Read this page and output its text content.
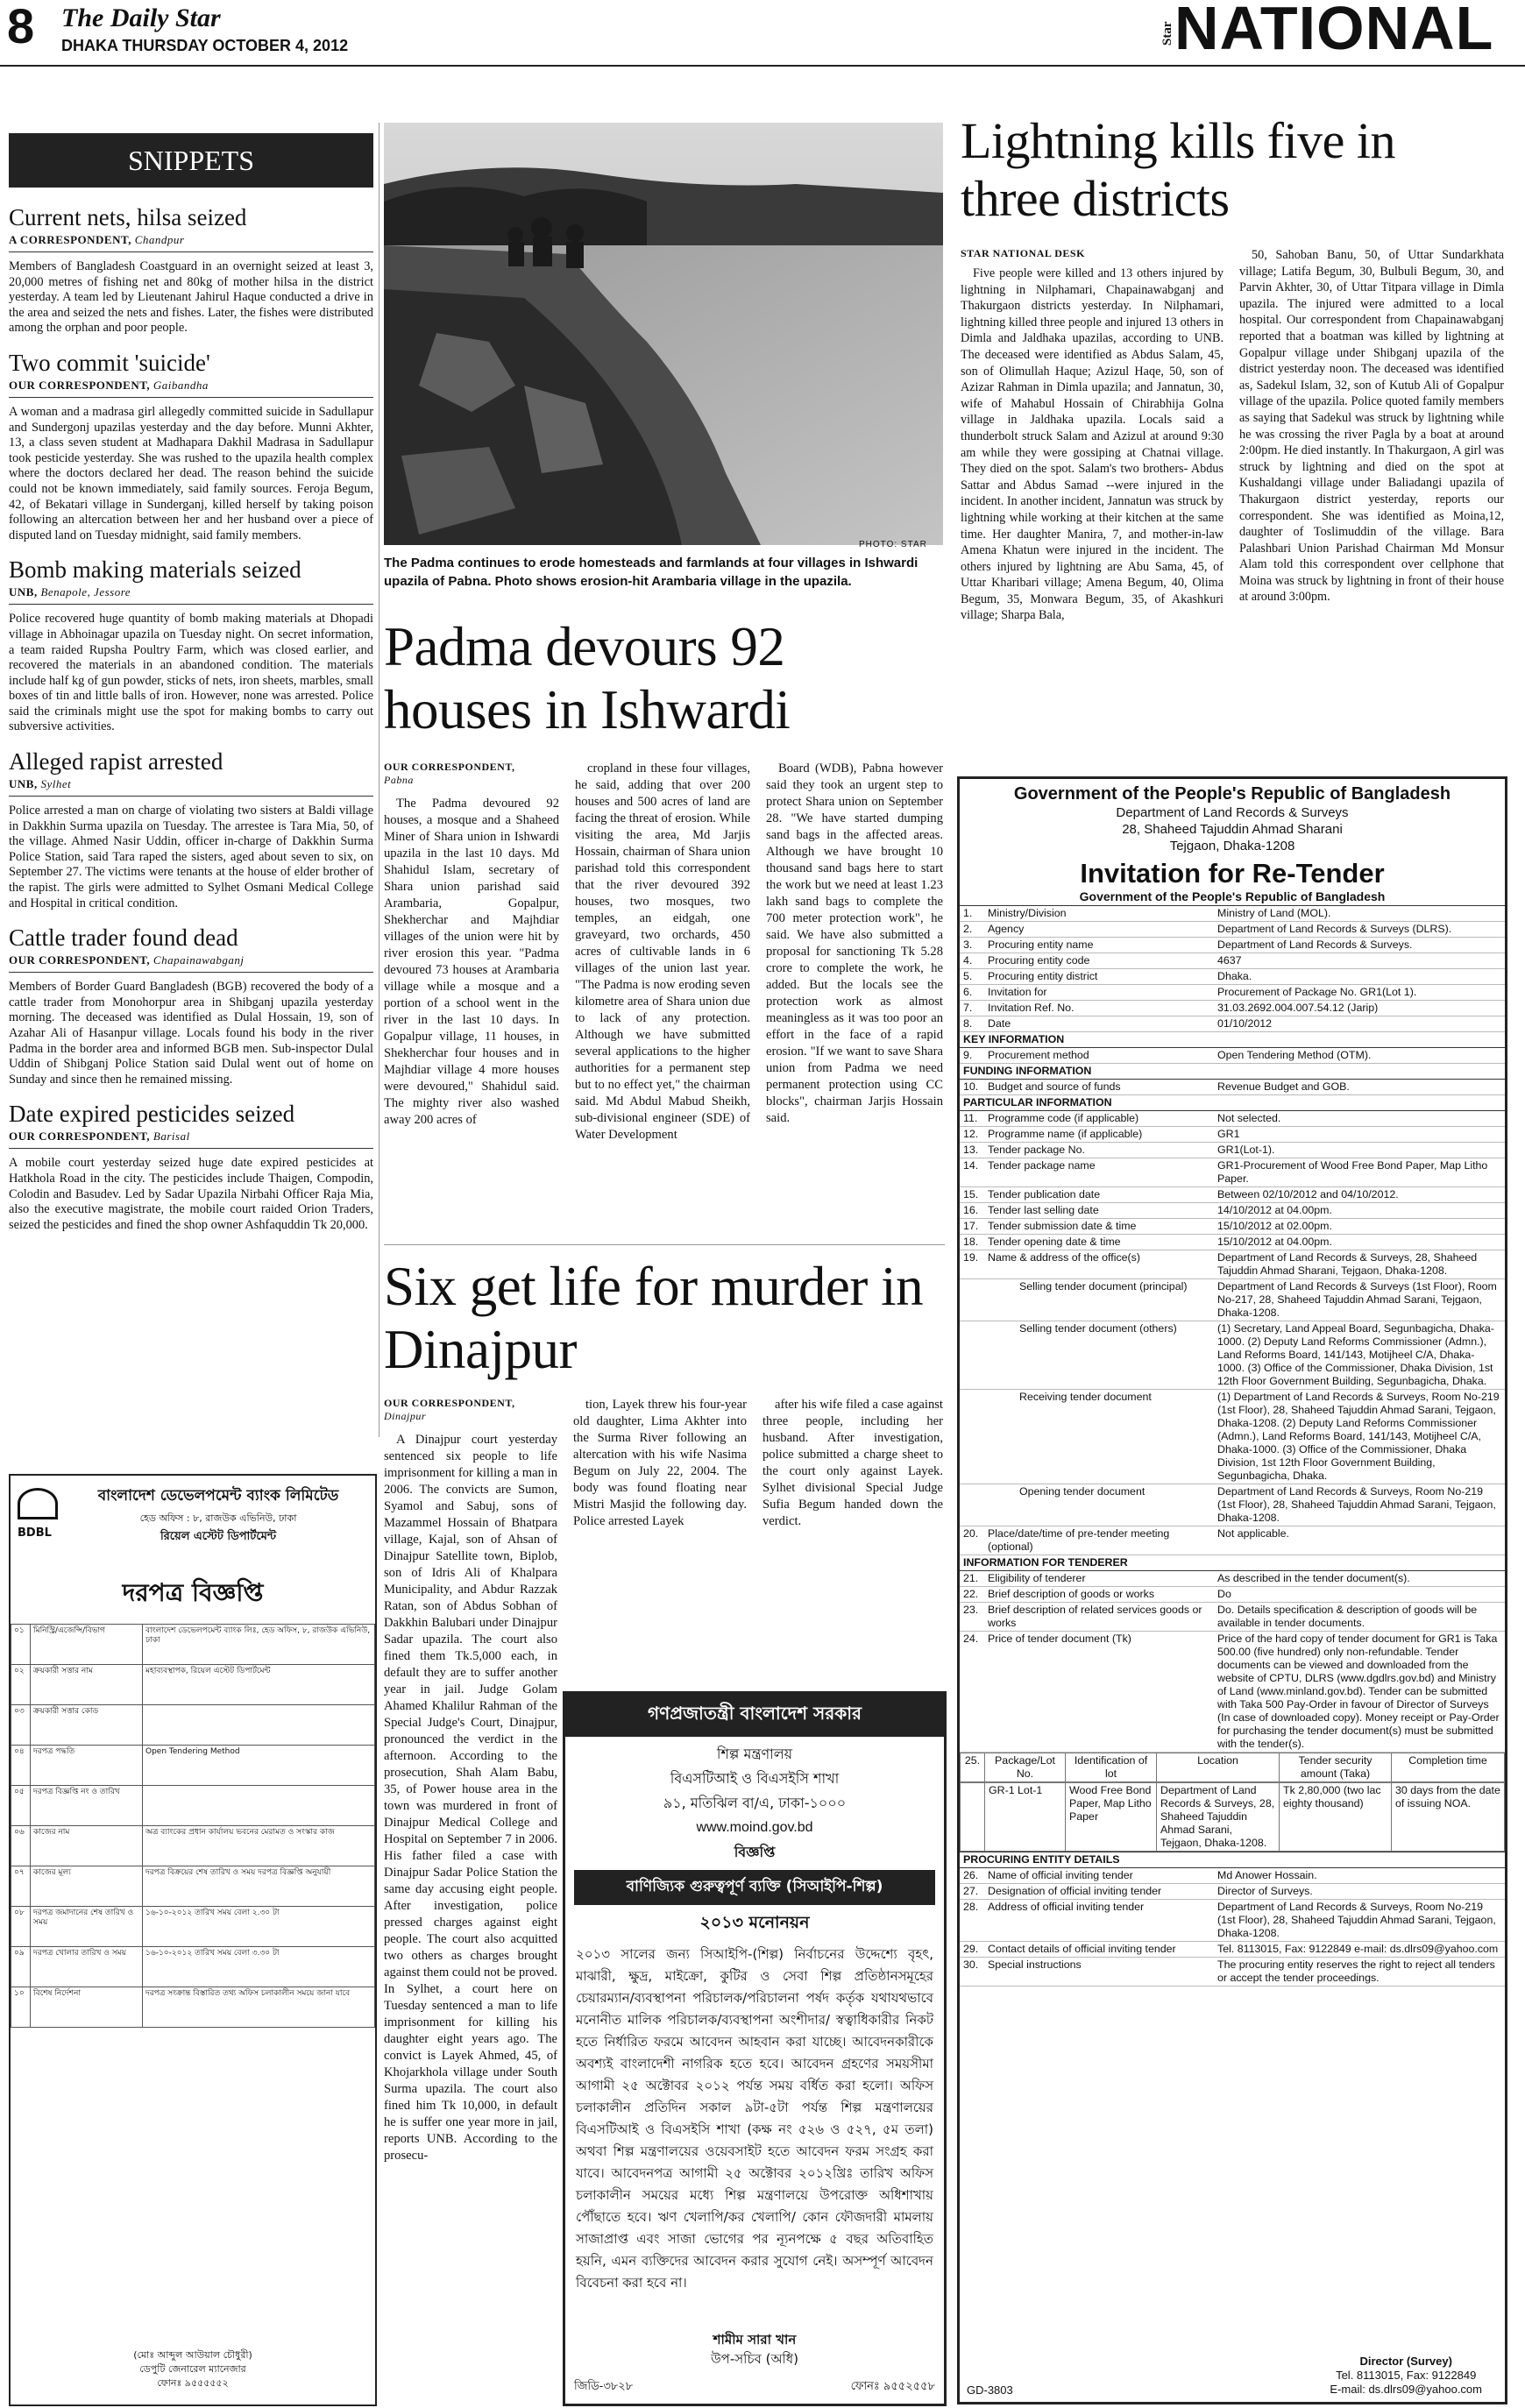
8 The Daily Star
DHAKA THURSDAY OCTOBER 4, 2012	Star NATIONAL
SNIPPETS
Current nets, hilsa seized
A CORRESPONDENT, Chandpur

Members of Bangladesh Coastguard in an overnight seized at least 3, 20,000 metres of fishing net and 80kg of mother hilsa in the district yesterday. A team led by Lieutenant Jahirul Haque conducted a drive in the area and seized the nets and fishes. Later, the fishes were distributed among the orphan and poor people.

Two commit 'suicide'
OUR CORRESPONDENT, Gaibandha

A woman and a madrasa girl allegedly committed suicide in Sadullapur and Sundergonj upazilas yesterday and the day before. Munni Akhter, 13, a class seven student at Madhapara Dakhil Madrasa in Sadullapur took pesticide yesterday. She was rushed to the upazila health complex where the doctors declared her dead. The reason behind the suicide could not be known immediately, said family sources. Feroja Begum, 42, of Bekatari village in Sunderganj, killed herself by taking poison following an altercation between her and her husband over a piece of disputed land on Tuesday midnight, said family members.

Bomb making materials seized
UNB, Benapole, Jessore

Police recovered huge quantity of bomb making materials at Dhopadi village in Abhoinagar upazila on Tuesday night. On secret information, a team raided Rupsha Poultry Farm, which was closed earlier, and recovered the materials in an abandoned condition. The materials include half kg of gun powder, sticks of nets, iron sheets, marbles, small boxes of tin and little balls of iron. However, none was arrested. Police said the criminals might use the spot for making bombs to carry out subversive activities.

Alleged rapist arrested
UNB, Sylhet

Police arrested a man on charge of violating two sisters at Baldi village in Dakkhin Surma upazila on Tuesday. The arrestee is Tara Mia, 50, of the village. Ahmed Nasir Uddin, officer in-charge of Dakkhin Surma Police Station, said Tara raped the sisters, aged about seven to six, on September 27. The victims were tenants at the house of elder brother of the rapist. The girls were admitted to Sylhet Osmani Medical College and Hospital in critical condition.

Cattle trader found dead
OUR CORRESPONDENT, Chapainawabganj

Members of Border Guard Bangladesh (BGB) recovered the body of a cattle trader from Monohorpur area in Shibganj upazila yesterday morning. The deceased was identified as Dulal Hossain, 19, son of Azahar Ali of Hasanpur village. Locals found his body in the river Padma in the border area and informed BGB men. Sub-inspector Dulal Uddin of Shibganj Police Station said Dulal went out of home on Sunday and since then he remained missing.

Date expired pesticides seized
OUR CORRESPONDENT, Barisal

A mobile court yesterday seized huge date expired pesticides at Hatkhola Road in the city. The pesticides include Thaigen, Compodin, Colodin and Basudev. Led by Sadar Upazila Nirbahi Officer Raja Mia, also the executive magistrate, the mobile court raided Orion Traders, seized the pesticides and fined the shop owner Ashfaquddin Tk 20,000.

PHOTO: STAR
The Padma continues to erode homesteads and farmlands at four villages in Ishwardi upazila of Pabna. Photo shows erosion-hit Arambaria village in the upazila.
Padma devours 92 houses in Ishwardi
OUR CORRESPONDENT,
Pabna

The Padma devoured 92 houses, a mosque and a Shaheed Miner of Shara union in Ishwardi upazila in the last 10 days. Md Shahidul Islam, secretary of Shara union parishad said Arambaria, Gopalpur, Shekherchar and Majhdiar villages of the union were hit by river erosion this year. "Padma devoured 73 houses at Arambaria village while a mosque and a portion of a school went in the river in the last 10 days. In Gopalpur village, 11 houses, in Shekherchar four houses and in Majhdiar village 4 more houses were devoured," Shahidul said. The mighty river also washed away 200 acres of

cropland in these four villages, he said, adding that over 200 houses and 500 acres of land are facing the threat of erosion. While visiting the area, Md Jarjis Hossain, chairman of Shara union parishad told this correspondent that the river devoured 392 houses, two mosques, two temples, an eidgah, one graveyard, two orchards, 450 acres of cultivable lands in 6 villages of the union last year. "The Padma is now eroding seven kilometre area of Shara union due to lack of any protection. Although we have submitted several applications to the higher authorities for a permanent step but to no effect yet," the chairman said. Md Abdul Mabud Sheikh, sub-divisional engineer (SDE) of Water Development

Board (WDB), Pabna however said they took an urgent step to protect Shara union on September 28. "We have started dumping sand bags in the affected areas. Although we have brought 10 thousand sand bags here to start the work but we need at least 1.23 lakh sand bags to complete the 700 meter protection work", he said. We have also submitted a proposal for sanctioning Tk 5.28 crore to complete the work, he added. But the locals see the protection work as almost meaningless as it was too poor an effort in the face of a rapid erosion. "If we want to save Shara union from Padma we need permanent protection using CC blocks", chairman Jarjis Hossain said.

Six get life for murder in Dinajpur
OUR CORRESPONDENT,
Dinajpur

A Dinajpur court yesterday sentenced six people to life imprisonment for killing a man in 2006. The convicts are Sumon, Syamol and Sabuj, sons of Mazammel Hossain of Bhatpara village, Kajal, son of Ahsan of Dinajpur Satellite town, Biplob, son of Idris Ali of Khalpara Municipality, and Abdur Razzak Ratan, son of Abdus Sobhan of Dakkhin Balubari under Dinajpur Sadar upazila. The court also fined them Tk.5,000 each, in default they are to suffer another year in jail. Judge Golam Ahamed Khalilur Rahman of the Special Judge's Court, Dinajpur, pronounced the verdict in the afternoon. According to the prosecution, Shah Alam Babu, 35, of Power house area in the town was murdered in front of Dinajpur Medical College and Hospital on September 7 in 2006. His father filed a case with Dinajpur Sadar Police Station the same day accusing eight people. After investigation, police pressed charges against eight people. The court also acquitted two others as charges brought against them could not be proved. In Sylhet, a court here on Tuesday sentenced a man to life imprisonment for killing his daughter eight years ago. The convict is Layek Ahmed, 45, of Khojarkhola village under South Surma upazila. The court also fined him Tk 10,000, in default he is suffer one year more in jail, reports UNB. According to the prosecu-

tion, Layek threw his four-year old daughter, Lima Akhter into the Surma River following an altercation with his wife Nasima Begum on July 22, 2004. The body was found floating near Mistri Masjid the following day. Police arrested Layek

after his wife filed a case against three people, including her husband. After investigation, police submitted a charge sheet to the court only against Layek. Sylhet divisional Special Judge Sufia Begum handed down the verdict.

Lightning kills five in three districts
STAR NATIONAL DESK

Five people were killed and 13 others injured by lightning in Nilphamari, Chapainawabganj and Thakurgaon districts yesterday. In Nilphamari, lightning killed three people and injured 13 others in Dimla and Jaldhaka upazilas, according to UNB. The deceased were identified as Abdus Salam, 45, son of Olimullah Haque; Azizul Haqe, 50, son of Azizar Rahman in Dimla upazila; and Jannatun, 30, wife of Mahabul Hossain of Chirabhija Golna village in Jaldhaka upazila. Locals said a thunderbolt struck Salam and Azizul at around 9:30 am while they were gossiping at Chatnai village. They died on the spot. Salam's two brothers- Abdus Sattar and Abdus Samad --were injured in the incident. In another incident, Jannatun was struck by lightning while working at their kitchen at the same time. Her daughter Manira, 7, and mother-in-law Amena Khatun were injured in the incident. The others injured by lightning are Abu Sama, 45, of Uttar Kharibari village; Amena Begum, 40, Olima Begum, 35, Monwara Begum, 35, of Akashkuri village; Sharpa Bala,

50, Sahoban Banu, 50, of Uttar Sundarkhata village; Latifa Begum, 30, Bulbuli Begum, 30, and Parvin Akhter, 30, of Uttar Titpara village in Dimla upazila. The injured were admitted to a local hospital. Our correspondent from Chapainawabganj reported that a boatman was killed by lightning at Gopalpur village under Shibganj upazila of the district yesterday noon. The deceased was identified as, Sadekul Islam, 32, son of Kutub Ali of Gopalpur village of the upazila. Police quoted family members as saying that Sadekul was struck by lightning while he was crossing the river Pagla by a boat at around 2:00pm. He died instantly. In Thakurgaon, A girl was struck by lightning and died on the spot at Kushaldangi village under Baliadangi upazila of Thakurgaon district yesterday, reports our correspondent. She was identified as Moina,12, daughter of Toslimuddin of the village. Bara Palashbari Union Parishad Chairman Md Monsur Alam told this correspondent over cellphone that Moina was struck by lightning in front of their house at around 3:00pm.

BDBL
বাংলাদেশ ডেভেলপমেন্ট ব্যাংক লিমিটেড
হেড অফিস : ৮, রাজউক এভিনিউ, ঢাকা
রিয়েল এস্টেট ডিপার্টমেন্ট
দরপত্র বিজ্ঞপ্তি
০১	মিনিস্ট্রি/এজেন্সি/বিভাগ	বাংলাদেশ ডেভেলপমেন্ট ব্যাংক লিঃ, হেড অফিস, ৮, রাজউক এভিনিউ, ঢাকা
০২	ক্রয়কারী সত্তার নাম	মহাব্যবস্থাপক, রিয়েল এস্টেট ডিপার্টমেন্ট
০৩	ক্রয়কারী সত্তার কোড	
০৪	দরপত্র পদ্ধতি	Open Tendering Method
০৫	দরপত্র বিজ্ঞপ্তি নং ও তারিখ	
০৬	কাজের নাম	অত্র ব্যাংকের প্রধান কার্যালয় ভবনের মেরামত ও সংস্কার কাজ
০৭	কাজের মূল্য	দরপত্র বিক্রয়ের শেষ তারিখ ও সময় দরপত্র বিজ্ঞপ্তি অনুযায়ী
০৮	দরপত্র জমাদানের শেষ তারিখ ও সময়	১৬-১০-২০১২ তারিখ সময় বেলা ২.৩০ টা
০৯	দরপত্র খোলার তারিখ ও সময়	১৬-১০-২০১২ তারিখ সময় বেলা ৩.৩০ টা
১০	বিশেষ নির্দেশনা	দরপত্র সংক্রান্ত বিস্তারিত তথ্য অফিস চলাকালীন সময়ে জানা যাবে
(মোঃ আব্দুল আউয়াল চৌধুরী)
ডেপুটি জেনারেল ম্যানেজার
ফোনঃ ৯৫৫৫৫৫২
গণপ্রজাতন্ত্রী বাংলাদেশ সরকার
শিল্প মন্ত্রণালয়
বিএসটিআই ও বিএসইসি শাখা
৯১, মতিঝিল বা/এ, ঢাকা-১০০০
www.moind.gov.bd
বিজ্ঞপ্তি
বাণিজ্যিক গুরুত্বপূর্ণ ব্যক্তি (সিআইপি-শিল্প)
২০১৩ মনোনয়ন
২০১৩ সালের জন্য সিআইপি-(শিল্প) নির্বাচনের উদ্দেশ্যে বৃহৎ, মাঝারী, ক্ষুদ্র, মাইক্রো, কুটির ও সেবা শিল্প প্রতিষ্ঠানসমূহের চেয়ারম্যান/ব্যবস্থাপনা পরিচালক/পরিচালনা পর্ষদ কর্তৃক যথাযথভাবে মনোনীত মালিক পরিচালক/ব্যবস্থাপনা অংশীদার/ স্বত্বাধিকারীর নিকট হতে নির্ধারিত ফরমে আবেদন আহবান করা যাচ্ছে। আবেদনকারীকে অবশ্যই বাংলাদেশী নাগরিক হতে হবে। আবেদন গ্রহণের সময়সীমা আগামী ২৫ অক্টোবর ২০১২ পর্যন্ত সময় বর্ধিত করা হলো। অফিস চলাকালীন প্রতিদিন সকাল ৯টা-৫টা পর্যন্ত শিল্প মন্ত্রণালয়ের বিএসটিআই ও বিএসইসি শাখা (কক্ষ নং ৫২৬ ও ৫২৭, ৫ম তলা) অথবা শিল্প মন্ত্রণালয়ের ওয়েবসাইট হতে আবেদন ফরম সংগ্রহ করা যাবে। আবেদনপত্র আগামী ২৫ অক্টোবর ২০১২খ্রিঃ তারিখ অফিস চলাকালীন সময়ের মধ্যে শিল্প মন্ত্রণালয়ে উপরোক্ত অধিশাখায় পৌঁছাতে হবে। ঋণ খেলাপি/কর খেলাপি/ কোন ফৌজদারী মামলায় সাজাপ্রাপ্ত এবং সাজা ভোগের পর ন্যূনপক্ষে ৫ বছর অতিবাহিত হয়নি, এমন ব্যক্তিদের আবেদন করার সুযোগ নেই। অসম্পূর্ণ আবেদন বিবেচনা করা হবে না।
শামীম সারা খান
উপ-সচিব (অধি)
জিডি-৩৮২৮	ফোনঃ ৯৫৫২৫৫৮
Government of the People's Republic of Bangladesh
Department of Land Records & Surveys
28, Shaheed Tajuddin Ahmad Sharani
Tejgaon, Dhaka-1208
Invitation for Re-Tender
Government of the People's Republic of Bangladesh
1.	Ministry/Division	Ministry of Land (MOL).
2.	Agency	Department of Land Records & Surveys (DLRS).
3.	Procuring entity name	Department of Land Records & Surveys.
4.	Procuring entity code	4637
5.	Procuring entity district	Dhaka.
6.	Invitation for	Procurement of Package No. GR1(Lot 1).
7.	Invitation Ref. No.	31.03.2692.004.007.54.12 (Jarip)
8.	Date	01/10/2012
KEY INFORMATION
9.	Procurement method	Open Tendering Method (OTM).
FUNDING INFORMATION
10.	Budget and source of funds	Revenue Budget and GOB.
PARTICULAR INFORMATION
11.	Programme code (if applicable)	Not selected.
12.	Programme name (if applicable)	GR1
13.	Tender package No.	GR1(Lot-1).
14.	Tender package name	GR1-Procurement of Wood Free Bond Paper, Map Litho Paper.
15.	Tender publication date	Between 02/10/2012 and 04/10/2012.
16.	Tender last selling date	14/10/2012 at 04.00pm.
17.	Tender submission date & time	15/10/2012 at 02.00pm.
18.	Tender opening date & time	15/10/2012 at 04.00pm.
19.	Name & address of the office(s)	Department of Land Records & Surveys, 28, Shaheed Tajuddin Ahmad Sharani, Tejgaon, Dhaka-1208.
	Selling tender document (principal)	Department of Land Records & Surveys (1st Floor), Room No-217, 28, Shaheed Tajuddin Ahmad Sarani, Tejgaon, Dhaka-1208.
	Selling tender document (others)	(1) Secretary, Land Appeal Board, Segunbagicha, Dhaka-1000. (2) Deputy Land Reforms Commissioner (Admn.), Land Reforms Board, 141/143, Motijheel C/A, Dhaka-1000. (3) Office of the Commissioner, Dhaka Division, 1st 12th Floor Government Building, Segunbagicha, Dhaka.
	Receiving tender document	(1) Department of Land Records & Surveys, Room No-219 (1st Floor), 28, Shaheed Tajuddin Ahmad Sarani, Tejgaon, Dhaka-1208. (2) Deputy Land Reforms Commissioner (Admn.), Land Reforms Board, 141/143, Motijheel C/A, Dhaka-1000. (3) Office of the Commissioner, Dhaka Division, 1st 12th Floor Government Building, Segunbagicha, Dhaka.
	Opening tender document	Department of Land Records & Surveys, Room No-219 (1st Floor), 28, Shaheed Tajuddin Ahmad Sarani, Tejgaon, Dhaka-1208.
20.	Place/date/time of pre-tender meeting (optional)	Not applicable.
INFORMATION FOR TENDERER
21.	Eligibility of tenderer	As described in the tender document(s).
22.	Brief description of goods or works	Do
23.	Brief description of related services goods or works	Do. Details specification & description of goods will be available in tender documents.
24.	Price of tender document (Tk)	Price of the hard copy of tender document for GR1 is Taka 500.00 (five hundred) only non-refundable. Tender documents can be viewed and downloaded from the website of CPTU, DLRS (www.dgdlrs.gov.bd) and Ministry of Land (www.minland.gov.bd). Tender can be submitted with Taka 500 Pay-Order in favour of Director of Surveys (In case of downloaded copy). Money receipt or Pay-Order for purchasing the tender document(s) must be submitted with the tender(s).

25.	Package/Lot No.	Identification of lot	Location	Tender security amount (Taka)	Completion time

	GR-1 Lot-1	Wood Free Bond Paper, Map Litho Paper	Department of Land Records & Surveys, 28, Shaheed Tajuddin Ahmad Sarani, Tejgaon, Dhaka-1208.	Tk 2,80,000 (two lac eighty thousand)	30 days from the date of issuing NOA.

PROCURING ENTITY DETAILS
26.	Name of official inviting tender	Md Anower Hossain.
27.	Designation of official inviting tender	Director of Surveys.
28.	Address of official inviting tender	Department of Land Records & Surveys, Room No-219 (1st Floor), 28, Shaheed Tajuddin Ahmad Sarani, Tejgaon, Dhaka-1208.
29.	Contact details of official inviting tender	Tel. 8113015, Fax: 9122849 e-mail: ds.dlrs09@yahoo.com
30.	Special instructions	The procuring entity reserves the right to reject all tenders or accept the tender proceedings.
GD-3803
Director (Survey)
Tel. 8113015, Fax: 9122849
E-mail: ds.dlrs09@yahoo.com
